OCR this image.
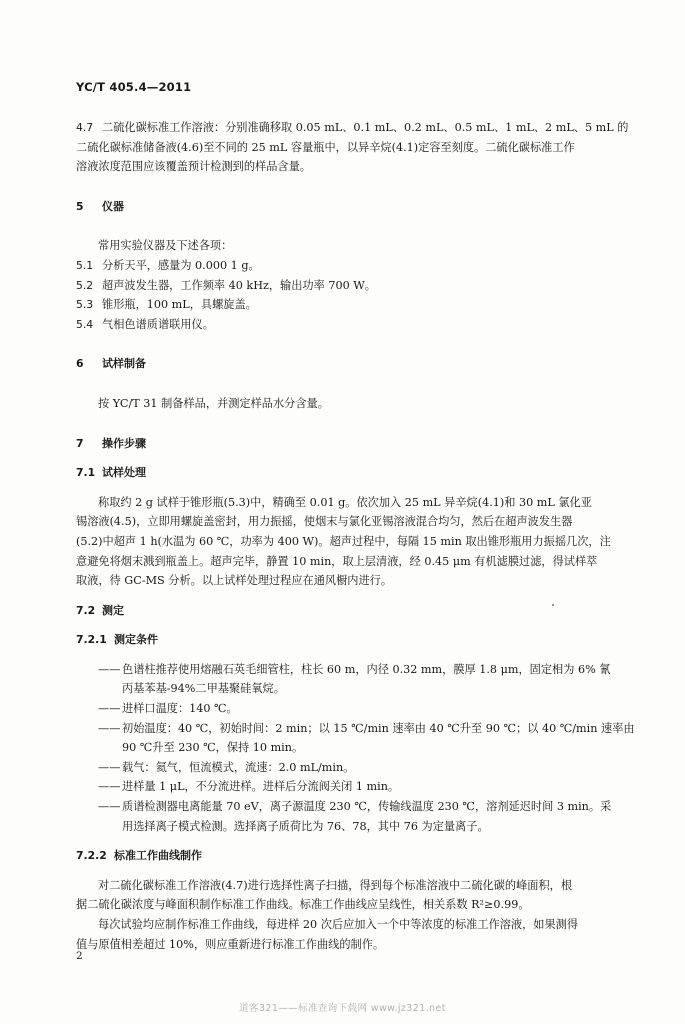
YC/T 405.4—2011
4.7 二硫化碳标准工作溶液：分别准确移取 0.05 mL、0.1 mL、0.2 mL、0.5 mL、1 mL、2 mL、5 mL 的
二硫化碳标准储备液(4.6)至不同的 25 mL 容量瓶中，以异辛烷(4.1)定容至刻度。二硫化碳标准工作
溶液浓度范围应该覆盖预计检测到的样品含量。
5	仪器
常用实验仪器及下述各项：
5.1 分析天平，感量为 0.000 1 g。
5.2 超声波发生器，工作频率 40 kHz，输出功率 700 W。
5.3 锥形瓶，100 mL，具螺旋盖。
5.4 气相色谱质谱联用仪。
6	试样制备
按 YC/T 31 制备样品，并测定样品水分含量。
7	操作步骤
7.1 试样处理
称取约 2 g 试样于锥形瓶(5.3)中，精确至 0.01 g。依次加入 25 mL 异辛烷(4.1)和 30 mL 氯化亚
锡溶液(4.5)，立即用螺旋盖密封，用力振摇，使烟末与氯化亚锡溶液混合均匀，然后在超声波发生器
(5.2)中超声 1 h(水温为 60 ℃，功率为 400 W)。超声过程中，每隔 15 min 取出锥形瓶用力振摇几次，注
意避免将烟末溅到瓶盖上。超声完毕，静置 10 min，取上层清液，经 0.45 μm 有机滤膜过滤，得试样萃
取液，待 GC-MS 分析。以上试样处理过程应在通风橱内进行。
7.2 测定
7.2.1 测定条件
—— 色谱柱推荐使用熔融石英毛细管柱，柱长 60 m，内径 0.32 mm，膜厚 1.8 μm，固定相为 6% 氰
丙基苯基-94%二甲基聚硅氧烷。
—— 进样口温度：140 ℃。
—— 初始温度：40 ℃，初始时间：2 min；以 15 ℃/min 速率由 40 ℃升至 90 ℃；以 40 ℃/min 速率由
90 ℃升至 230 ℃，保持 10 min。
—— 载气：氦气，恒流模式，流速：2.0 mL/min。
—— 进样量 1 μL，不分流进样。进样后分流阀关闭 1 min。
—— 质谱检测器电离能量 70 eV，离子源温度 230 ℃，传输线温度 230 ℃，溶剂延迟时间 3 min。采
用选择离子模式检测。选择离子质荷比为 76、78，其中 76 为定量离子。
7.2.2 标准工作曲线制作
对二硫化碳标准工作溶液(4.7)进行选择性离子扫描，得到每个标准溶液中二硫化碳的峰面积，根
据二硫化碳浓度与峰面积制作标准工作曲线。标准工作曲线应呈线性，相关系数 R²≥0.99。
每次试验均应制作标准工作曲线，每进样 20 次后应加入一个中等浓度的标准工作溶液，如果测得
值与原值相差超过 10%，则应重新进行标准工作曲线的制作。
2
道客321——标准查询下载网 www.jz321.net
